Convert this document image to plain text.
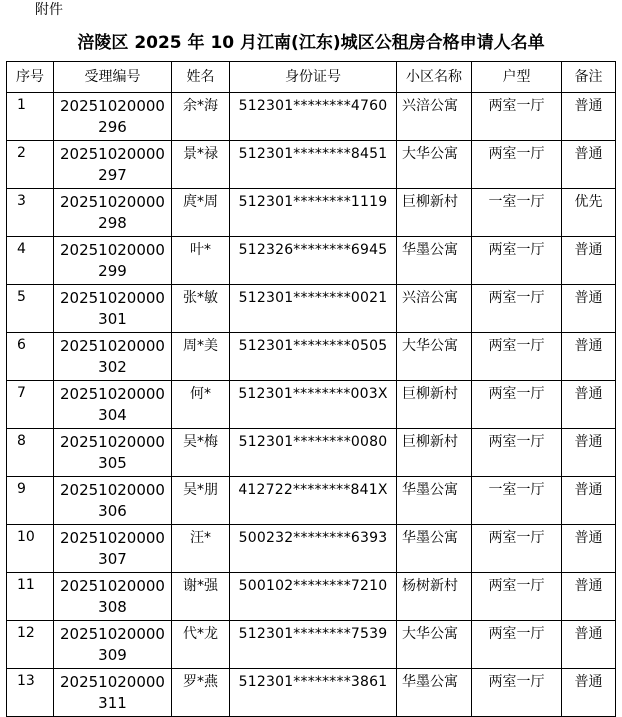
附件
涪陵区 2025 年 10 月江南(江东)城区公租房合格申请人名单
序号	受理编号	姓名	身份证号	小区名称	户型	备注
1	20251020000296	余*海	512301********4760	兴涪公寓	两室一厅	普通
2	20251020000297	景*禄	512301********8451	大华公寓	两室一厅	普通
3	20251020000298	庹*周	512301********1119	巨柳新村	一室一厅	优先
4	20251020000299	叶*	512326********6945	华墨公寓	两室一厅	普通
5	20251020000301	张*敏	512301********0021	兴涪公寓	两室一厅	普通
6	20251020000302	周*美	512301********0505	大华公寓	两室一厅	普通
7	20251020000304	何*	512301********003X	巨柳新村	两室一厅	普通
8	20251020000305	吴*梅	512301********0080	巨柳新村	两室一厅	普通
9	20251020000306	吴*朋	412722********841X	华墨公寓	一室一厅	普通
10	20251020000307	汪*	500232********6393	华墨公寓	两室一厅	普通
11	20251020000308	谢*强	500102********7210	杨树新村	两室一厅	普通
12	20251020000309	代*龙	512301********7539	大华公寓	两室一厅	普通
13	20251020000311	罗*燕	512301********3861	华墨公寓	两室一厅	普通
